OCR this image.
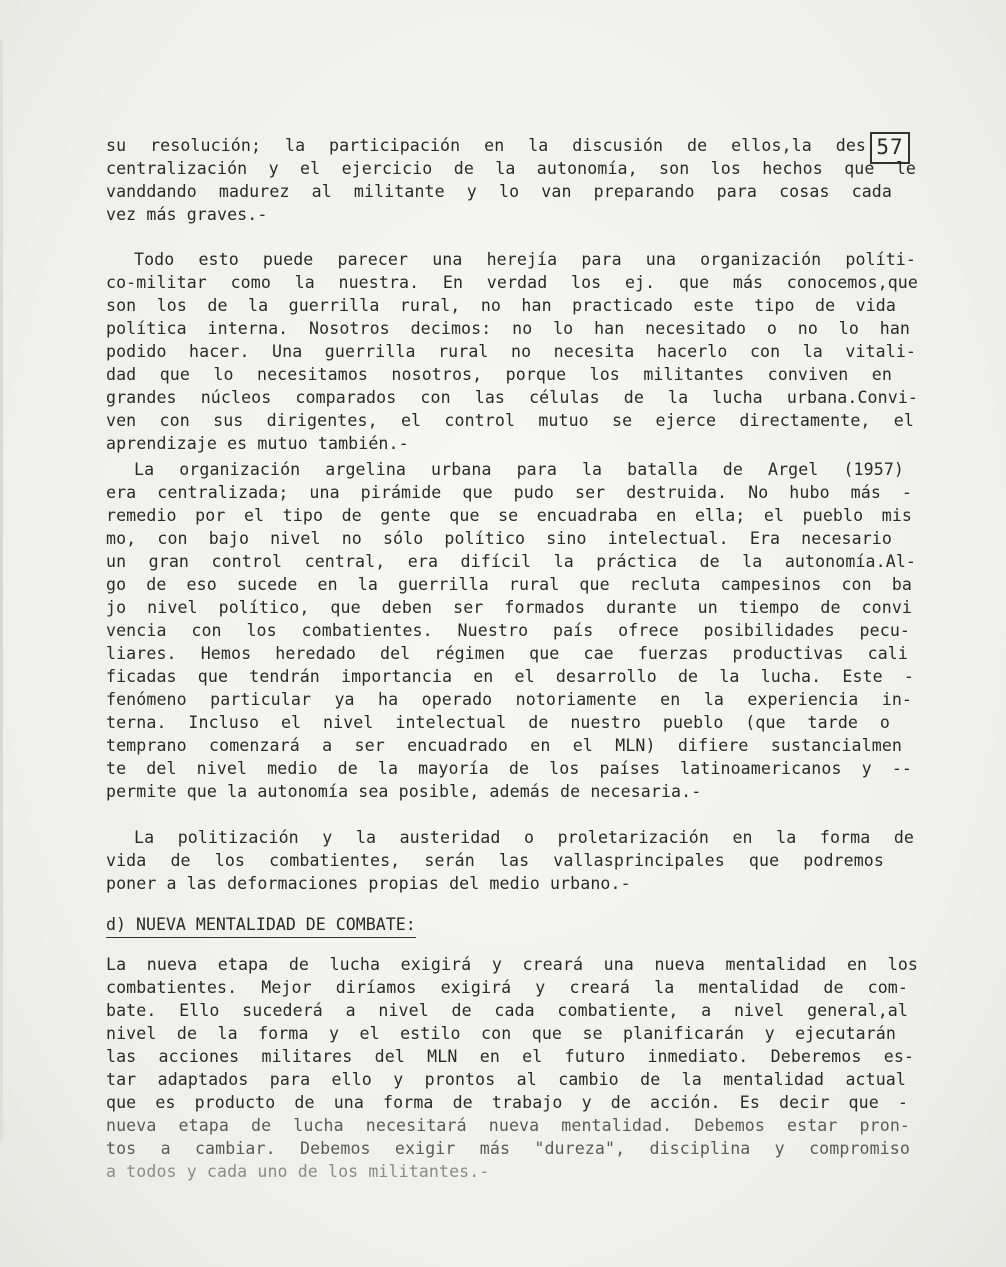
57

su resolución; la participación en la discusión de ellos,la des

centralización y el ejercicio de la autonomía, son los hechos que le

vanddando madurez al militante y lo van preparando para cosas cada

vez más graves.-

Todo esto puede parecer una herejía para una organización políti-

co-militar como la nuestra. En verdad los ej. que más conocemos,que

son los de la guerrilla rural, no han practicado este tipo de vida

política interna. Nosotros decimos: no lo han necesitado o no lo han

podido hacer. Una guerrilla rural no necesita hacerlo con la vitali-

dad que lo necesitamos nosotros, porque los militantes conviven en

grandes núcleos comparados con las células de la lucha urbana.Convi-

ven con sus dirigentes, el control mutuo se ejerce directamente, el

aprendizaje es mutuo también.-

La organización argelina urbana para la batalla de Argel (1957)

era centralizada; una pirámide que pudo ser destruida. No hubo más -

remedio por el tipo de gente que se encuadraba en ella; el pueblo mis

mo, con bajo nivel no sólo político sino intelectual. Era necesario

un gran control central, era difícil la práctica de la autonomía.Al-

go de eso sucede en la guerrilla rural que recluta campesinos con ba

jo nivel político, que deben ser formados durante un tiempo de convi

vencia con los combatientes. Nuestro país ofrece posibilidades pecu-

liares. Hemos heredado del régimen que cae fuerzas productivas cali

ficadas que tendrán importancia en el desarrollo de la lucha. Este -

fenómeno particular ya ha operado notoriamente en la experiencia in-

terna. Incluso el nivel intelectual de nuestro pueblo (que tarde o

temprano comenzará a ser encuadrado en el MLN) difiere sustancialmen

te del nivel medio de la mayoría de los países latinoamericanos y --

permite que la autonomía sea posible, además de necesaria.-

La politización y la austeridad o proletarización en la forma de

vida de los combatientes, serán las vallasprincipales que podremos

poner a las deformaciones propias del medio urbano.-

d) NUEVA MENTALIDAD DE COMBATE:

La nueva etapa de lucha exigirá y creará una nueva mentalidad en los

combatientes. Mejor diríamos exigirá y creará la mentalidad de com-

bate. Ello sucederá a nivel de cada combatiente, a nivel general,al

nivel de la forma y el estilo con que se planificarán y ejecutarán

las acciones militares del MLN en el futuro inmediato. Deberemos es-

tar adaptados para ello y prontos al cambio de la mentalidad actual

que es producto de una forma de trabajo y de acción. Es decir que -

nueva etapa de lucha necesitará nueva mentalidad. Debemos estar pron-

tos a cambiar. Debemos exigir más "dureza", disciplina y compromiso

a todos y cada uno de los militantes.-
